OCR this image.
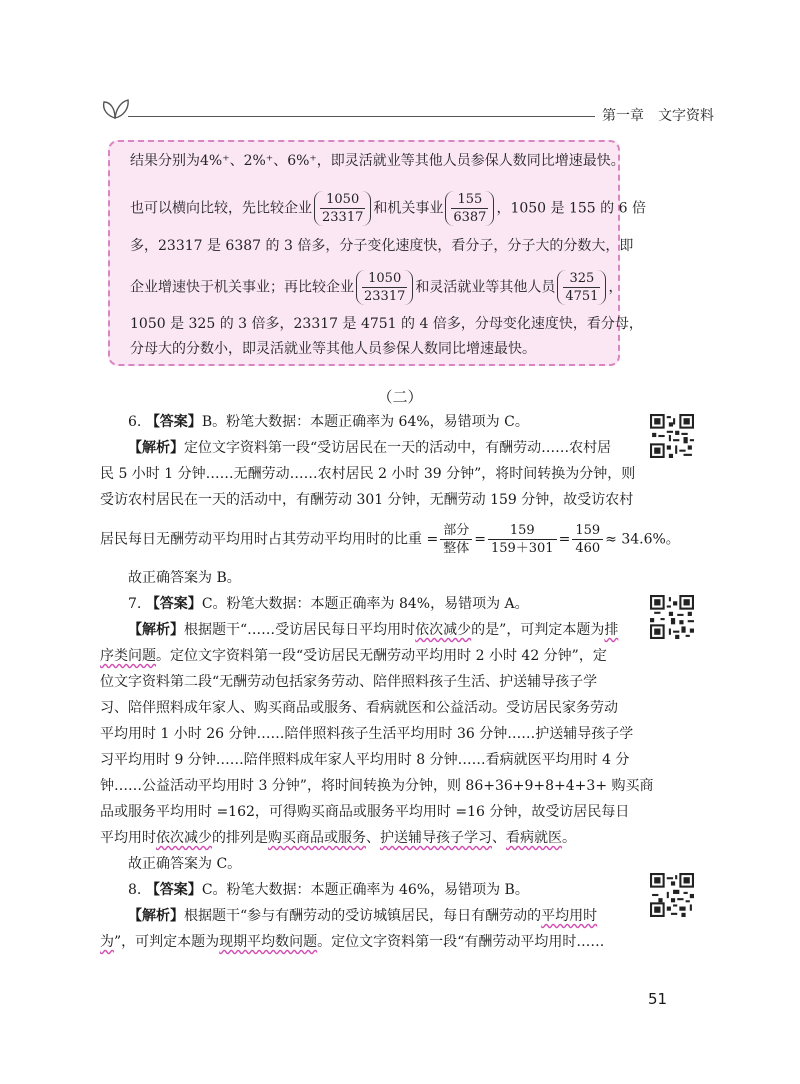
第一章 文字资料
结果分别为4%⁺、2%⁺、6%⁺，即灵活就业等其他人员参保人数同比增速最快。
也可以横向比较，先比较企业 $\frac{1050}{23317}$ 和机关事业 $\frac{155}{6387}$ ，1050 是 155 的 6 倍
多，23317 是 6387 的 3 倍多，分子变化速度快，看分子，分子大的分数大，即
企业增速快于机关事业；再比较企业 $\frac{1050}{23317}$ 和灵活就业等其他人员 $\frac{325}{4751}$ ，
1050 是 325 的 3 倍多，23317 是 4751 的 4 倍多，分母变化速度快，看分母，
分母大的分数小，即灵活就业等其他人员参保人数同比增速最快。
（二）
6. 【答案】B。粉笔大数据：本题正确率为 64%，易错项为 C。
【解析】定位文字资料第一段“受访居民在一天的活动中，有酬劳动……农村居
民 5 小时 1 分钟……无酬劳动……农村居民 2 小时 39 分钟”，将时间转换为分钟，则
受访农村居民在一天的活动中，有酬劳动 301 分钟，无酬劳动 159 分钟，故受访农村
居民每日无酬劳动平均用时占其劳动平均用时的比重 = $\frac{\text{部分}}{\text{整体}} = \frac{159}{159+301} = \frac{159}{460} \approx 34.6\%$。
故正确答案为 B。
7. 【答案】C。粉笔大数据：本题正确率为 84%，易错项为 A。
【解析】根据题干“……受访居民每日平均用时依次减少的是”，可判定本题为排
序类问题。定位文字资料第一段“受访居民无酬劳动平均用时 2 小时 42 分钟”，定
位文字资料第二段“无酬劳动包括家务劳动、陪伴照料孩子生活、护送辅导孩子学
习、陪伴照料成年家人、购买商品或服务、看病就医和公益活动。受访居民家务劳动
平均用时 1 小时 26 分钟……陪伴照料孩子生活平均用时 36 分钟……护送辅导孩子学
习平均用时 9 分钟……陪伴照料成年家人平均用时 8 分钟……看病就医平均用时 4 分
钟……公益活动平均用时 3 分钟”，将时间转换为分钟，则 86+36+9+8+4+3+ 购买商
品或服务平均用时 =162，可得购买商品或服务平均用时 =16 分钟，故受访居民每日
平均用时依次减少的排列是购买商品或服务、护送辅导孩子学习、看病就医。
故正确答案为 C。
8. 【答案】C。粉笔大数据：本题正确率为 46%，易错项为 B。
【解析】根据题干“参与有酬劳动的受访城镇居民，每日有酬劳动的平均用时
为”，可判定本题为现期平均数问题。定位文字资料第一段“有酬劳动平均用时……
51
